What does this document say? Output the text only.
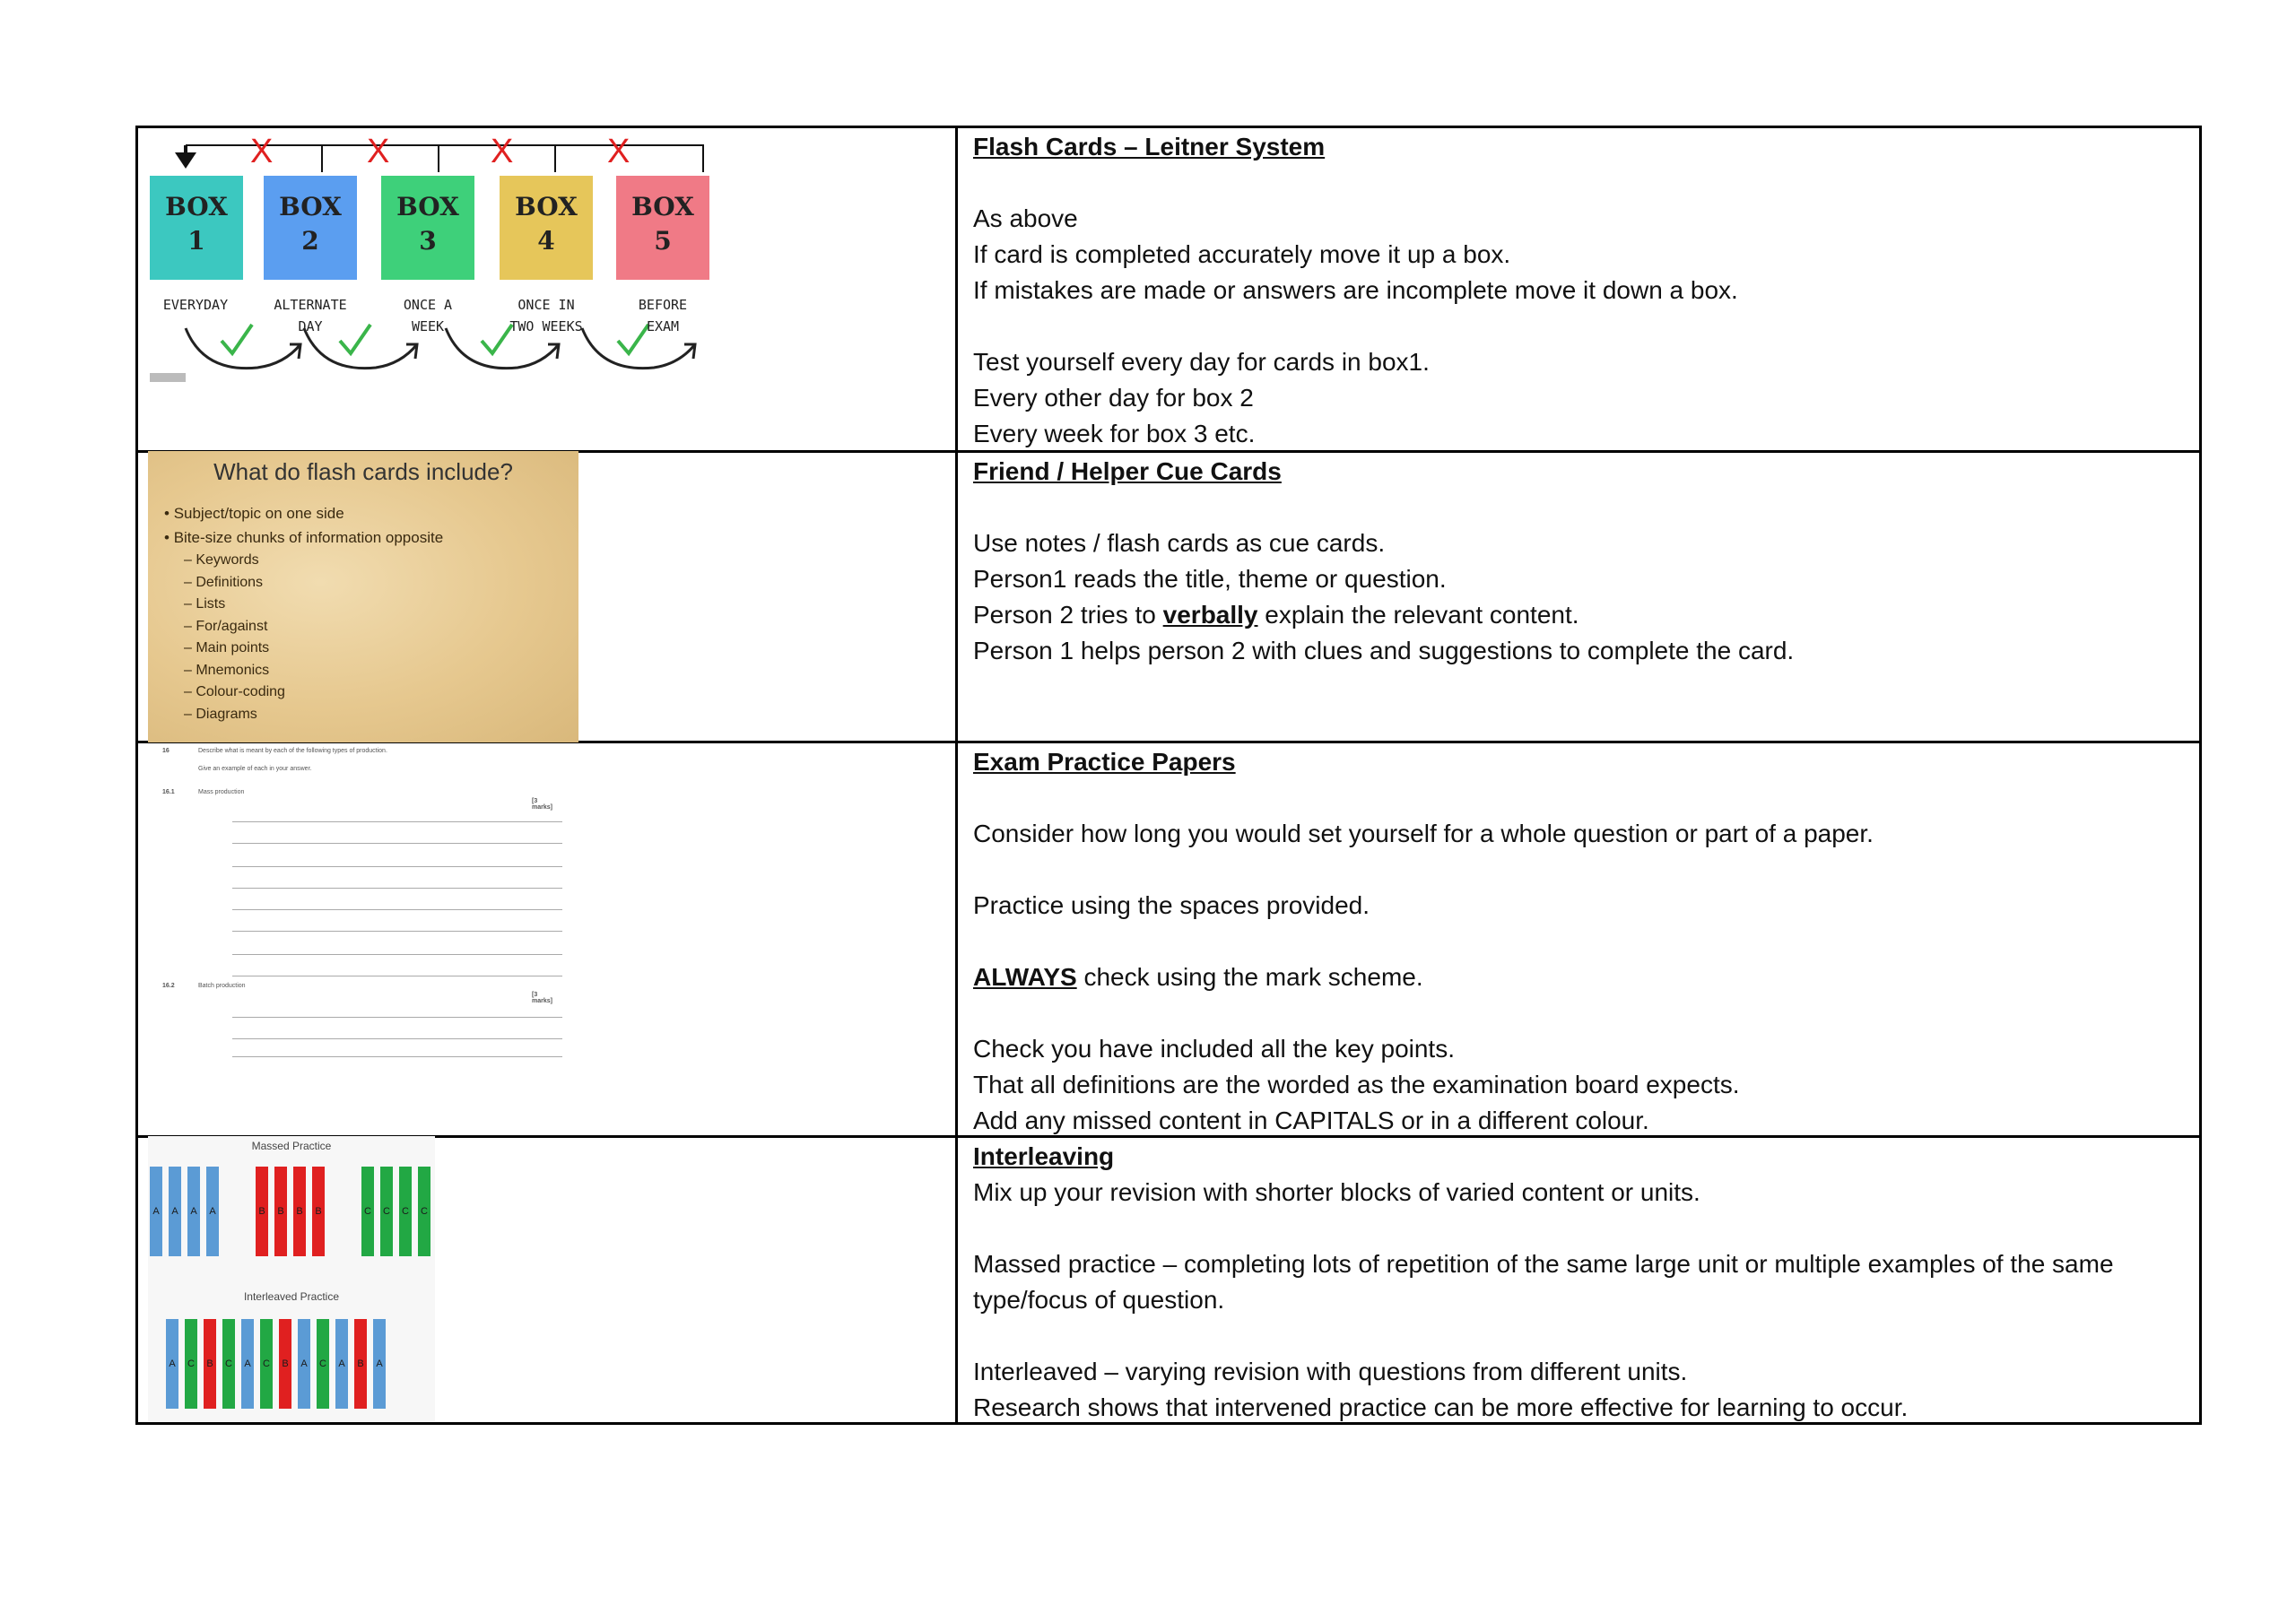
X	X	X	X
BOX
1
BOX
2
BOX
3
BOX
4
BOX
5
EVERYDAY	ALTERNATE
DAY
ONCE A
WEEK
ONCE IN
TWO WEEKS
BEFORE
EXAM

Flash Cards – Leitner System

As above

If card is completed accurately move it up a box.

If mistakes are made or answers are incomplete move it down a box.

Test yourself every day for cards in box1.

Every other day for box 2

Every week for box 3 etc.

What do flash cards include?
• Subject/topic on one side
• Bite-size chunks of information opposite
– Keywords
– Definitions
– Lists
– For/against
– Main points
– Mnemonics
– Colour-coding
– Diagrams

Friend / Helper Cue Cards

Use notes / flash cards as cue cards.

Person1 reads the title, theme or question.

Person 2 tries to verbally explain the relevant content.

Person 1 helps person 2 with clues and suggestions to complete the card.

16	Describe what is meant by each of the following types of production.
Give an example of each in your answer.
16.1	Mass production
[3 marks]
16.2	Batch production
[3 marks]

Exam Practice Papers

Consider how long you would set yourself for a whole question or part of a paper.

Practice using the spaces provided.

ALWAYS check using the mark scheme.

Check you have included all the key points.

That all definitions are the worded as the examination board expects.

Add any missed content in CAPITALS or in a different colour.

Massed Practice
Interleaved Practice
A	A	A	A	B	B	B	B	C C C C
A	C	B	C	A	C	B	A	C	A	B	A

Interleaving

Mix up your revision with shorter blocks of varied content or units.

Massed practice – completing lots of repetition of the same large unit or multiple examples of the same type/focus of question.

Interleaved – varying revision with questions from different units.

Research shows that intervened practice can be more effective for learning to occur.
